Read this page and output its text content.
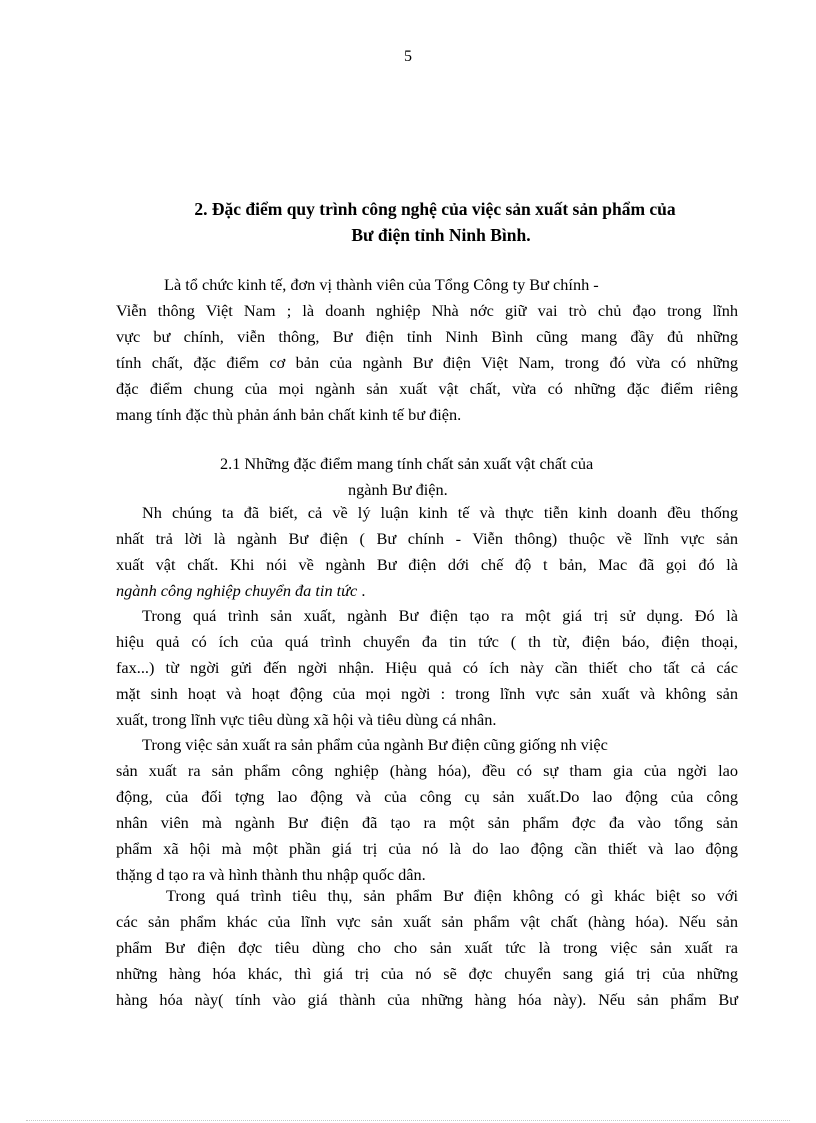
5
2. Đặc điểm quy trình công nghệ của việc sản xuất sản phẩm của
Bư điện tỉnh Ninh Bình.
Là tổ chức kinh tế, đơn vị thành viên của Tổng Công ty Bư chính -
Viễn thông Việt Nam ; là doanh nghiệp Nhà nớc giữ vai trò chủ đạo trong lĩnh
vực bư chính, viễn thông, Bư điện tỉnh Ninh Bình cũng mang đầy đủ những
tính chất, đặc điểm cơ bản của ngành Bư điện Việt Nam, trong đó vừa có những
đặc điểm chung của mọi ngành sản xuất vật chất, vừa có những đặc điểm riêng
mang tính đặc thù phản ánh bản chất kinh tế bư điện.
2.1 Những đặc điểm mang tính chất sản xuất vật chất của
ngành Bư điện.
Nh chúng ta đã biết, cả về lý luận kinh tế và thực tiễn kinh doanh đều thống
nhất trả lời là ngành Bư điện ( Bư chính - Viễn thông) thuộc về lĩnh vực sản
xuất vật chất. Khi nói về ngành Bư điện dới chế độ t bản, Mac đã gọi đó là
ngành công nghiệp chuyển đa tin tức .
Trong quá trình sản xuất, ngành Bư điện tạo ra một giá trị sử dụng. Đó là
hiệu quả có ích của quá trình chuyển đa tin tức ( th từ, điện báo, điện thoại,
fax...) từ ngời gửi đến ngời nhận. Hiệu quả có ích này cần thiết cho tất cả các
mặt sinh hoạt và hoạt động của mọi ngời : trong lĩnh vực sản xuất và không sản
xuất, trong lĩnh vực tiêu dùng xã hội và tiêu dùng cá nhân.
Trong việc sản xuất ra sản phẩm của ngành Bư điện cũng giống nh việc
sản xuất ra sản phẩm công nghiệp (hàng hóa), đều có sự tham gia của ngời lao
động, của đối tợng lao động và của công cụ sản xuất.Do lao động của công
nhân viên mà ngành Bư điện đã tạo ra một sản phẩm đợc đa vào tổng sản
phẩm xã hội mà một phần giá trị của nó là do lao động cần thiết và lao động
thặng d tạo ra và hình thành thu nhập quốc dân.
Trong quá trình tiêu thụ, sản phẩm Bư điện không có gì khác biệt so với
các sản phẩm khác của lĩnh vực sản xuất sản phẩm vật chất (hàng hóa). Nếu sản
phẩm Bư điện đợc tiêu dùng cho cho sản xuất tức là trong việc sản xuất ra
những hàng hóa khác, thì giá trị của nó sẽ đợc chuyển sang giá trị của những
hàng hóa này( tính vào giá thành của những hàng hóa này). Nếu sản phẩm Bư
